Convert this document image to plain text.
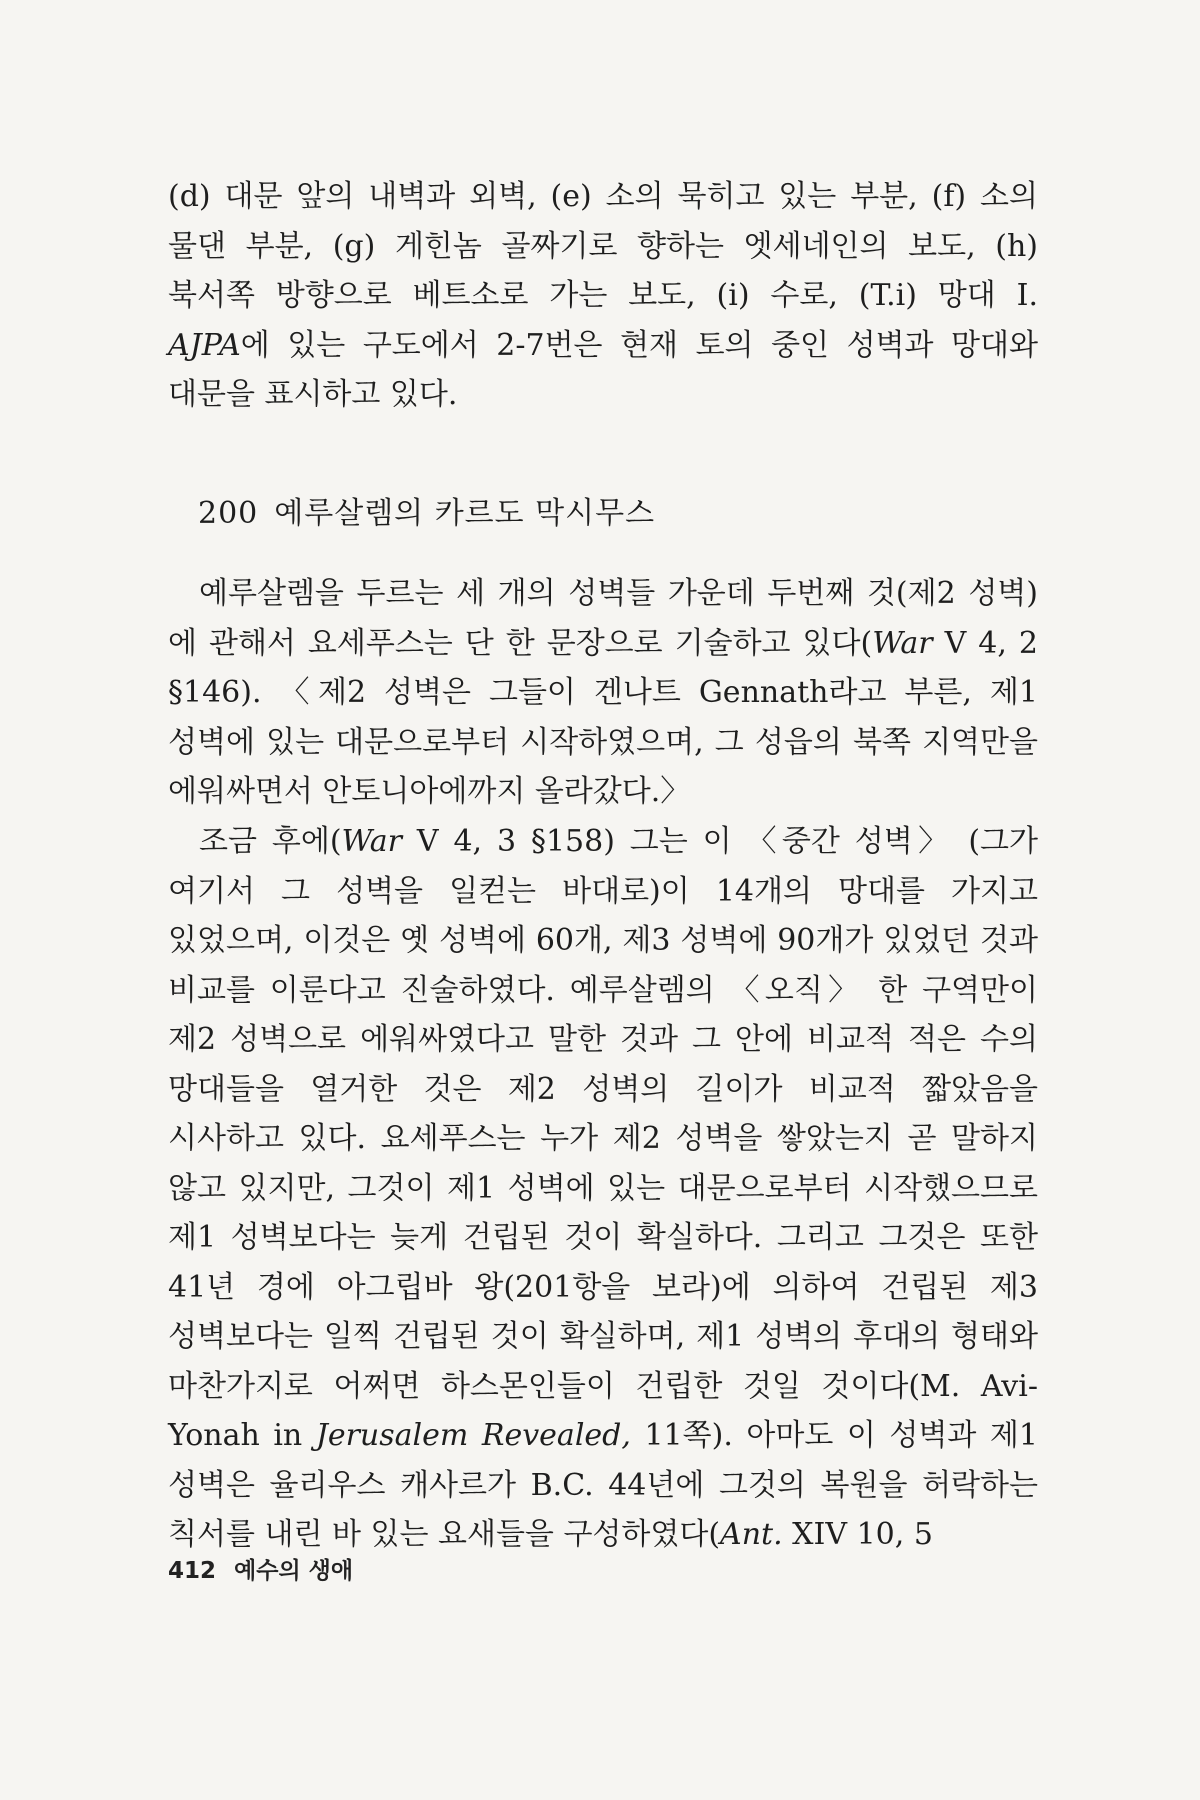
(d) 대문 앞의 내벽과 외벽, (e) 소의 묵히고 있는 부분, (f) 소의 물댄 부분, (g) 게힌놈 골짜기로 향하는 엣세네인의 보도, (h) 북서쪽 방향으로 베트소로 가는 보도, (i) 수로, (T.i) 망대 I. AJPA에 있는 구도에서 2-7번은 현재 토의 중인 성벽과 망대와 대문을 표시하고 있다.

200 예루살렘의 카르도 막시무스

예루살렘을 두르는 세 개의 성벽들 가운데 두번째 것(제2 성벽)에 관해서 요세푸스는 단 한 문장으로 기술하고 있다(War V 4, 2 §146). 〈제2 성벽은 그들이 겐나트 Gennath라고 부른, 제1 성벽에 있는 대문으로부터 시작하였으며, 그 성읍의 북쪽 지역만을 에워싸면서 안토니아에까지 올라갔다.〉

조금 후에(War V 4, 3 §158) 그는 이 〈중간 성벽〉 (그가 여기서 그 성벽을 일컫는 바대로)이 14개의 망대를 가지고 있었으며, 이것은 옛 성벽에 60개, 제3 성벽에 90개가 있었던 것과 비교를 이룬다고 진술하였다. 예루살렘의 〈오직〉 한 구역만이 제2 성벽으로 에워싸였다고 말한 것과 그 안에 비교적 적은 수의 망대들을 열거한 것은 제2 성벽의 길이가 비교적 짧았음을 시사하고 있다. 요세푸스는 누가 제2 성벽을 쌓았는지 곧 말하지 않고 있지만, 그것이 제1 성벽에 있는 대문으로부터 시작했으므로 제1 성벽보다는 늦게 건립된 것이 확실하다. 그리고 그것은 또한 41년 경에 아그립바 왕(201항을 보라)에 의하여 건립된 제3 성벽보다는 일찍 건립된 것이 확실하며, 제1 성벽의 후대의 형태와 마찬가지로 어쩌면 하스몬인들이 건립한 것일 것이다(M. Avi-Yonah in Jerusalem Revealed, 11쪽). 아마도 이 성벽과 제1 성벽은 율리우스 캐사르가 B.C. 44년에 그것의 복원을 허락하는 칙서를 내린 바 있는 요새들을 구성하였다(Ant. XIV 10, 5

412 예수의 생애
